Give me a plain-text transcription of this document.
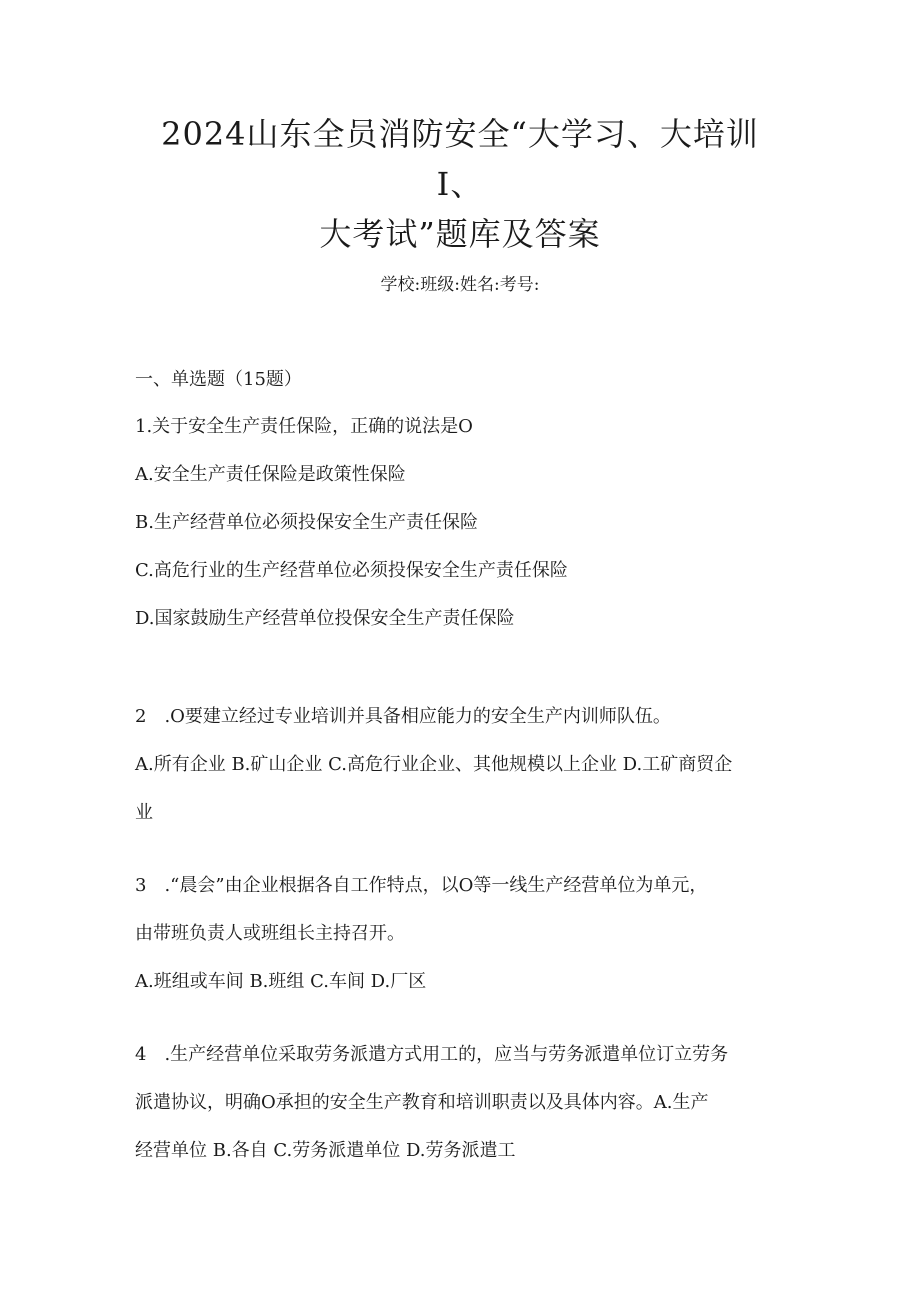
2024山东全员消防安全“大学习、大培训
I、
大考试”题库及答案
学校:班级:姓名:考号:

一、单选题（15题）

1.关于安全生产责任保险，正确的说法是O

A.安全生产责任保险是政策性保险

B.生产经营单位必须投保安全生产责任保险

C.高危行业的生产经营单位必须投保安全生产责任保险

D.国家鼓励生产经营单位投保安全生产责任保险

2　.O要建立经过专业培训并具备相应能力的安全生产内训师队伍。

A.所有企业 B.矿山企业 C.高危行业企业、其他规模以上企业 D.工矿商贸企

业

3　.“晨会”由企业根据各自工作特点，以O等一线生产经营单位为单元，

由带班负责人或班组长主持召开。

A.班组或车间 B.班组 C.车间 D.厂区

4　.生产经营单位采取劳务派遣方式用工的，应当与劳务派遣单位订立劳务

派遣协议，明确O承担的安全生产教育和培训职责以及具体内容。A.生产

经营单位 B.各自 C.劳务派遣单位 D.劳务派遣工
